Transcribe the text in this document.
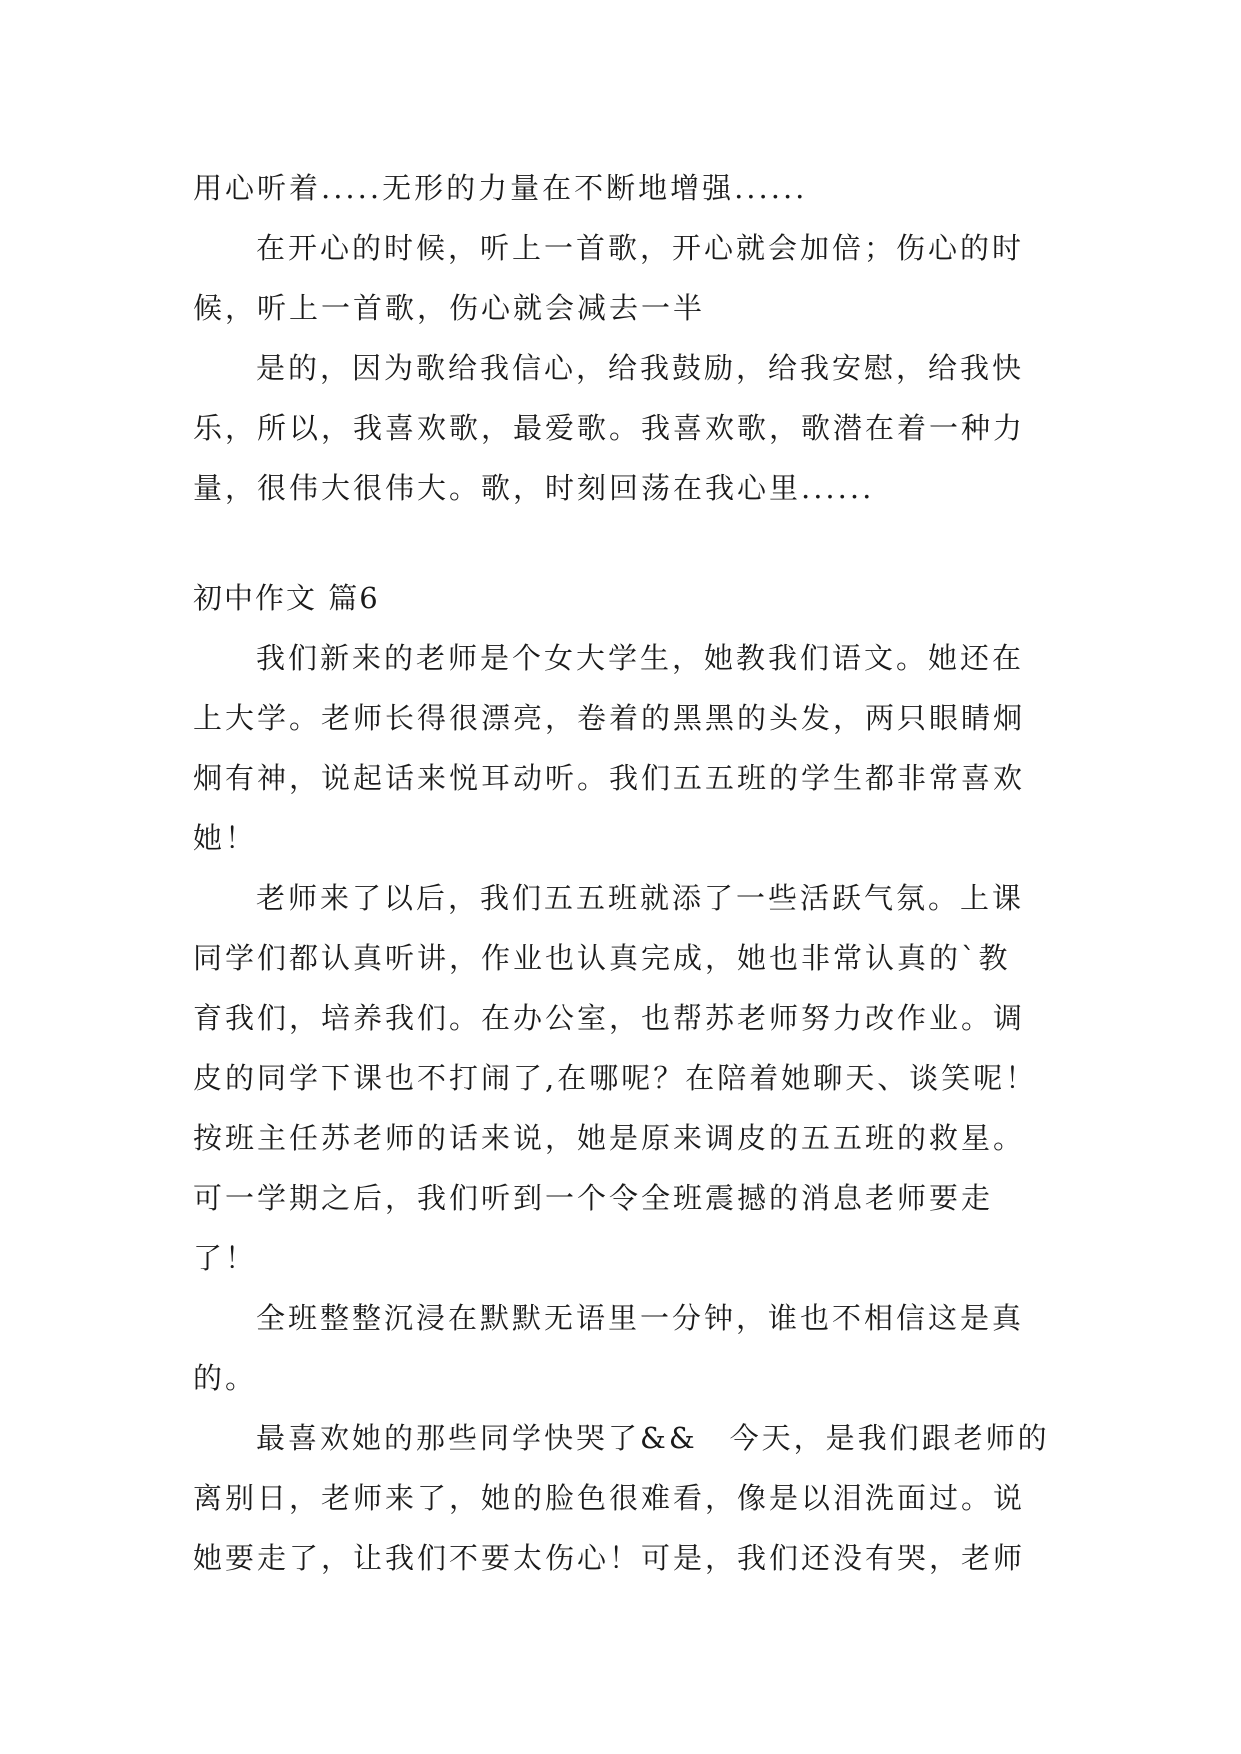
用心听着.....无形的力量在不断地增强......
在开心的时候，听上一首歌，开心就会加倍；伤心的时
候，听上一首歌，伤心就会减去一半
是的，因为歌给我信心，给我鼓励，给我安慰，给我快
乐，所以，我喜欢歌，最爱歌。我喜欢歌，歌潜在着一种力
量，很伟大很伟大。歌，时刻回荡在我心里......
初中作文 篇6
我们新来的老师是个女大学生，她教我们语文。她还在
上大学。老师长得很漂亮，卷着的黑黑的头发，两只眼睛炯
炯有神，说起话来悦耳动听。我们五五班的学生都非常喜欢
她！
老师来了以后，我们五五班就添了一些活跃气氛。上课
同学们都认真听讲，作业也认真完成，她也非常认真的`教
育我们，培养我们。在办公室，也帮苏老师努力改作业。调
皮的同学下课也不打闹了,在哪呢？在陪着她聊天、谈笑呢！
按班主任苏老师的话来说，她是原来调皮的五五班的救星。
可一学期之后，我们听到一个令全班震撼的消息老师要走
了！
全班整整沉浸在默默无语里一分钟，谁也不相信这是真
的。
最喜欢她的那些同学快哭了&&　今天，是我们跟老师的
离别日，老师来了，她的脸色很难看，像是以泪洗面过。说
她要走了，让我们不要太伤心！可是，我们还没有哭，老师
